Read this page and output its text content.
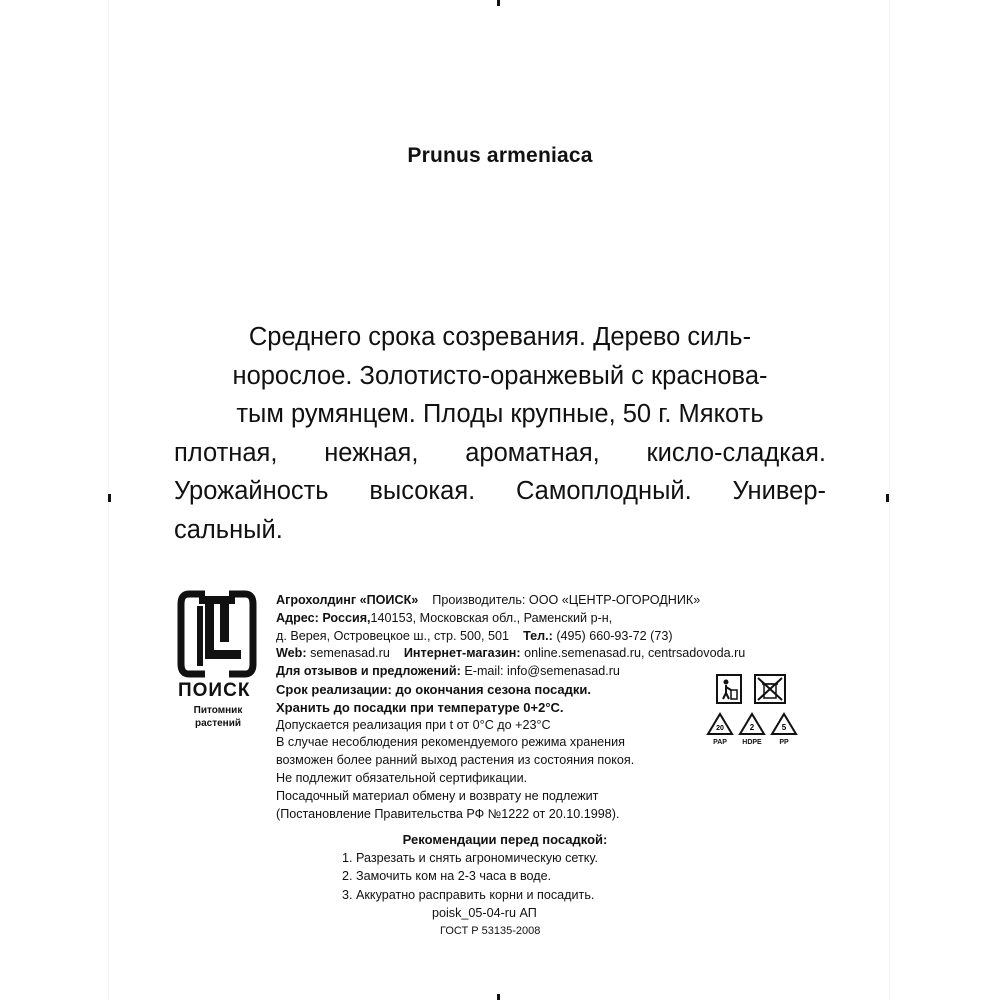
Prunus armeniaca
Среднего срока созревания. Дерево силь-
норослое. Золотисто-оранжевый с краснова-
тым румянцем. Плоды крупные, 50 г. Мякоть
плотная, нежная, ароматная, кисло-сладкая.
Урожайность высокая. Самоплодный. Универ-
сальный.
ПОИСК
Питомник
растений
Агрохолдинг «ПОИСК» Производитель: ООО «ЦЕНТР-ОГОРОДНИК»
Адрес: Россия,140153, Московская обл., Раменский р-н,
д. Верея, Островецкое ш., стр. 500, 501 Тел.: (495) 660-93-72 (73)
Web: semenasad.ru Интернет-магазин: online.semenasad.ru, centrsadovoda.ru
Для отзывов и предложений: E-mail: info@semenasad.ru
Срок реализации: до окончания сезона посадки.
Хранить до посадки при температуре 0+2°C.
Допускается реализация при t от 0°C до +23°C
В случае несоблюдения рекомендуемого режима хранения
возможен более ранний выход растения из состояния покоя.
Не подлежит обязательной сертификации.
Посадочный материал обмену и возврату не подлежит
(Постановление Правительства РФ №1222 от 20.10.1998).
20
PAP
2
HDPE
5
PP
Рекомендации перед посадкой:
1. Разрезать и снять агрономическую сетку.
2. Замочить ком на 2-3 часа в воде.
3. Аккуратно расправить корни и посадить.
poisk_05-04-ru АП
ГОСТ Р 53135-2008
